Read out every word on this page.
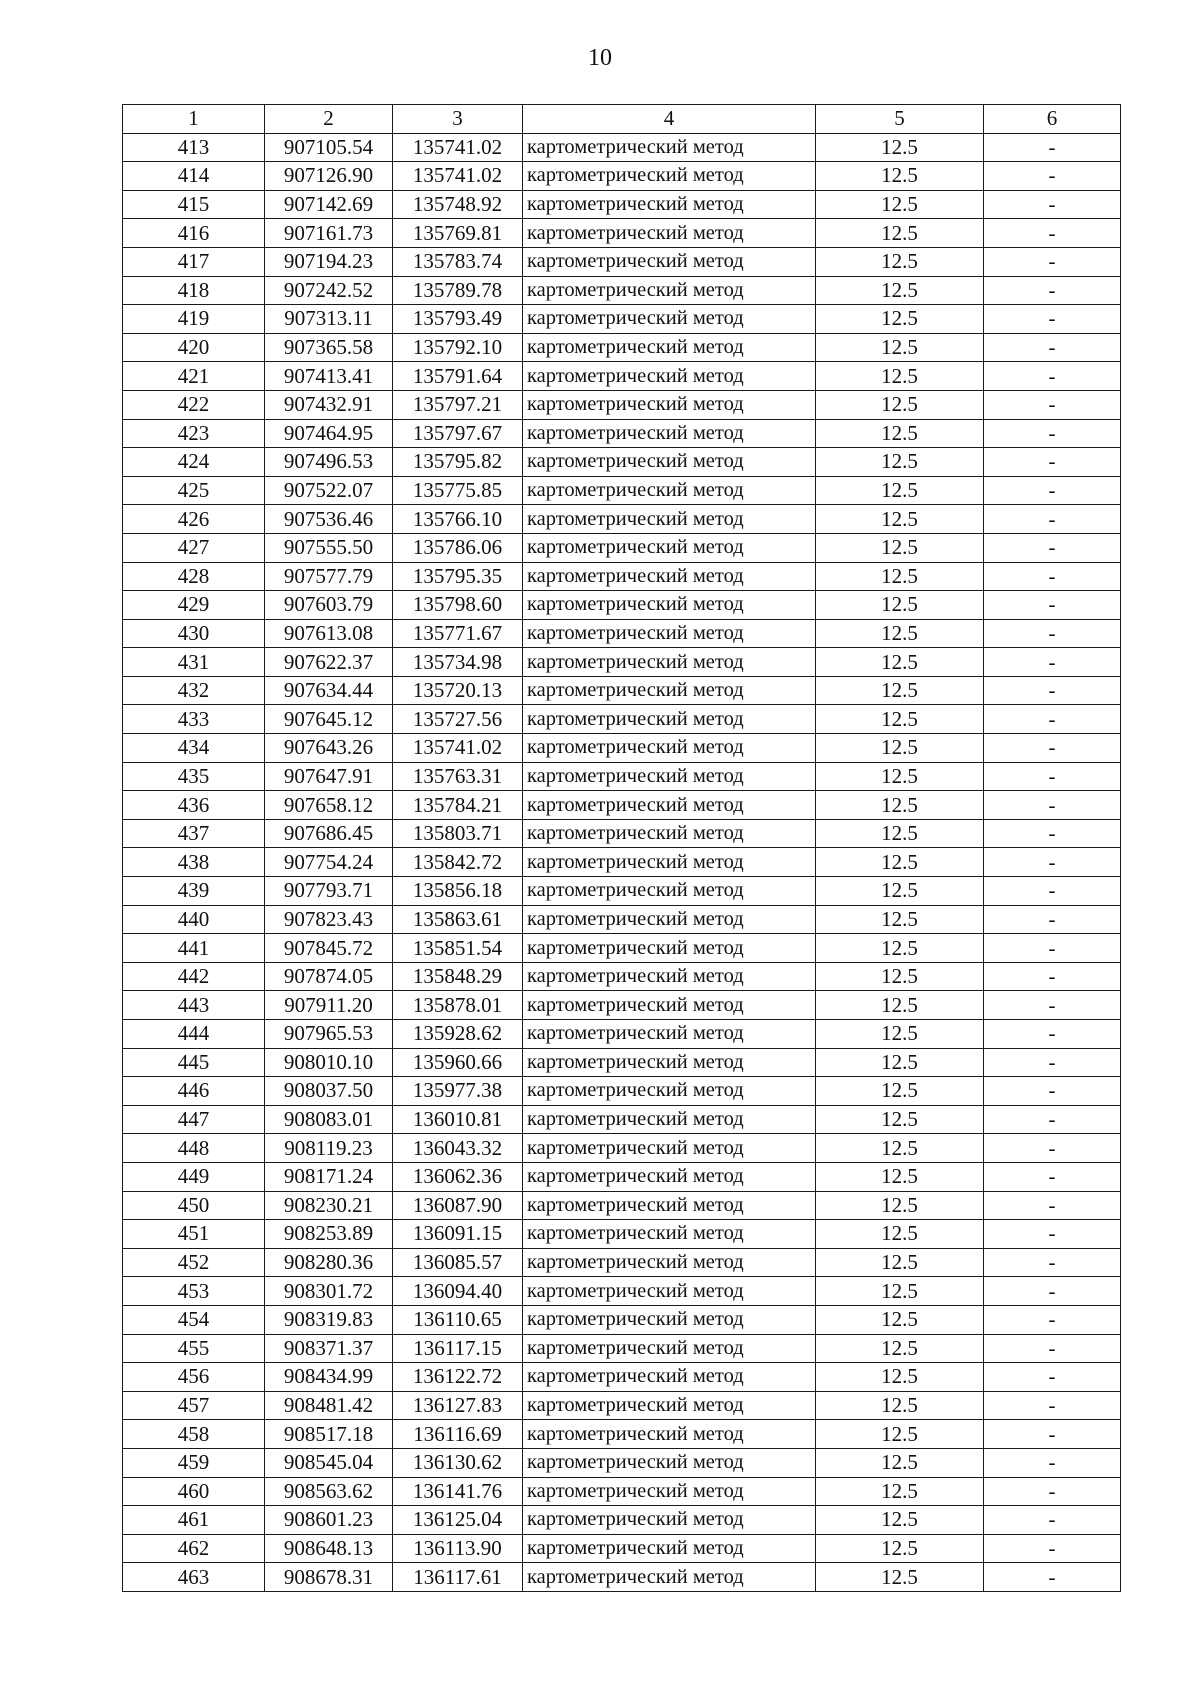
10
1	2	3	4	5	6
413	907105.54	135741.02	картометрический метод	12.5	-
414	907126.90	135741.02	картометрический метод	12.5	-
415	907142.69	135748.92	картометрический метод	12.5	-
416	907161.73	135769.81	картометрический метод	12.5	-
417	907194.23	135783.74	картометрический метод	12.5	-
418	907242.52	135789.78	картометрический метод	12.5	-
419	907313.11	135793.49	картометрический метод	12.5	-
420	907365.58	135792.10	картометрический метод	12.5	-
421	907413.41	135791.64	картометрический метод	12.5	-
422	907432.91	135797.21	картометрический метод	12.5	-
423	907464.95	135797.67	картометрический метод	12.5	-
424	907496.53	135795.82	картометрический метод	12.5	-
425	907522.07	135775.85	картометрический метод	12.5	-
426	907536.46	135766.10	картометрический метод	12.5	-
427	907555.50	135786.06	картометрический метод	12.5	-
428	907577.79	135795.35	картометрический метод	12.5	-
429	907603.79	135798.60	картометрический метод	12.5	-
430	907613.08	135771.67	картометрический метод	12.5	-
431	907622.37	135734.98	картометрический метод	12.5	-
432	907634.44	135720.13	картометрический метод	12.5	-
433	907645.12	135727.56	картометрический метод	12.5	-
434	907643.26	135741.02	картометрический метод	12.5	-
435	907647.91	135763.31	картометрический метод	12.5	-
436	907658.12	135784.21	картометрический метод	12.5	-
437	907686.45	135803.71	картометрический метод	12.5	-
438	907754.24	135842.72	картометрический метод	12.5	-
439	907793.71	135856.18	картометрический метод	12.5	-
440	907823.43	135863.61	картометрический метод	12.5	-
441	907845.72	135851.54	картометрический метод	12.5	-
442	907874.05	135848.29	картометрический метод	12.5	-
443	907911.20	135878.01	картометрический метод	12.5	-
444	907965.53	135928.62	картометрический метод	12.5	-
445	908010.10	135960.66	картометрический метод	12.5	-
446	908037.50	135977.38	картометрический метод	12.5	-
447	908083.01	136010.81	картометрический метод	12.5	-
448	908119.23	136043.32	картометрический метод	12.5	-
449	908171.24	136062.36	картометрический метод	12.5	-
450	908230.21	136087.90	картометрический метод	12.5	-
451	908253.89	136091.15	картометрический метод	12.5	-
452	908280.36	136085.57	картометрический метод	12.5	-
453	908301.72	136094.40	картометрический метод	12.5	-
454	908319.83	136110.65	картометрический метод	12.5	-
455	908371.37	136117.15	картометрический метод	12.5	-
456	908434.99	136122.72	картометрический метод	12.5	-
457	908481.42	136127.83	картометрический метод	12.5	-
458	908517.18	136116.69	картометрический метод	12.5	-
459	908545.04	136130.62	картометрический метод	12.5	-
460	908563.62	136141.76	картометрический метод	12.5	-
461	908601.23	136125.04	картометрический метод	12.5	-
462	908648.13	136113.90	картометрический метод	12.5	-
463	908678.31	136117.61	картометрический метод	12.5	-
